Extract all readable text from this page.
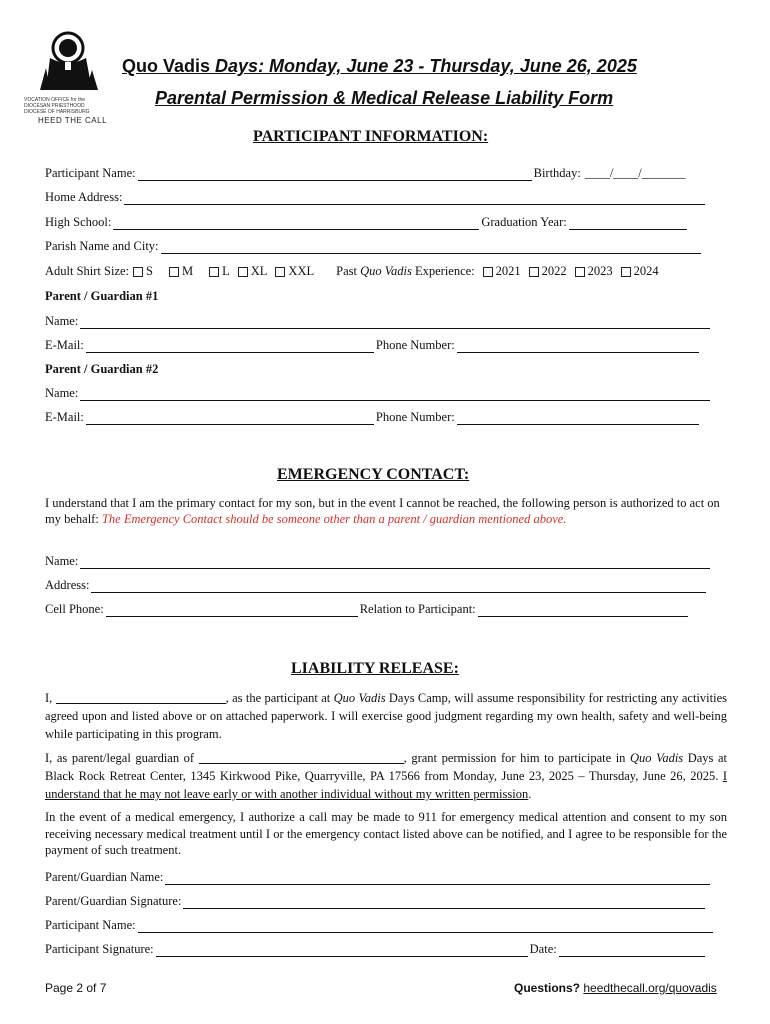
VOCATION OFFICE for the
DIOCESAN PRIESTHOOD
DIOCESE OF HARRISBURG
HEED THE CALL
Quo Vadis Days: Monday, June 23 - Thursday, June 26, 2025
Parental Permission & Medical Release Liability Form
PARTICIPANT INFORMATION:
Participant Name:	Birthday: ____/____/_______
Home Address:
High School:	Graduation Year:
Parish Name and City:
Adult Shirt Size: S M L XL XXL Past Quo Vadis Experience: 2021 2022 2023 2024
Parent / Guardian #1
Name:
E-Mail:	Phone Number:
Parent / Guardian #2
Name:
E-Mail:	Phone Number:
EMERGENCY CONTACT:
I understand that I am the primary contact for my son, but in the event I cannot be reached, the following person is authorized to act on my behalf: The Emergency Contact should be someone other than a parent / guardian mentioned above.
Name:
Address:
Cell Phone:	Relation to Participant:
LIABILITY RELEASE:
I,	, as the participant at Quo Vadis Days Camp, will assume responsibility for restricting any activities agreed upon and listed above or on attached paperwork. I will exercise good judgment regarding my own health, safety and well-being while participating in this program.
I, as parent/legal guardian of	, grant permission for him to participate in Quo Vadis Days at Black Rock Retreat Center, 1345 Kirkwood Pike, Quarryville, PA 17566 from Monday, June 23, 2025 – Thursday, June 26, 2025. I understand that he may not leave early or with another individual without my written permission.
In the event of a medical emergency, I authorize a call may be made to 911 for emergency medical attention and consent to my son receiving necessary medical treatment until I or the emergency contact listed above can be notified, and I agree to be responsible for the payment of such treatment.
Parent/Guardian Name:
Parent/Guardian Signature:
Participant Name:
Participant Signature:	Date:
Page 2 of 7	Questions? heedthecall.org/quovadis
